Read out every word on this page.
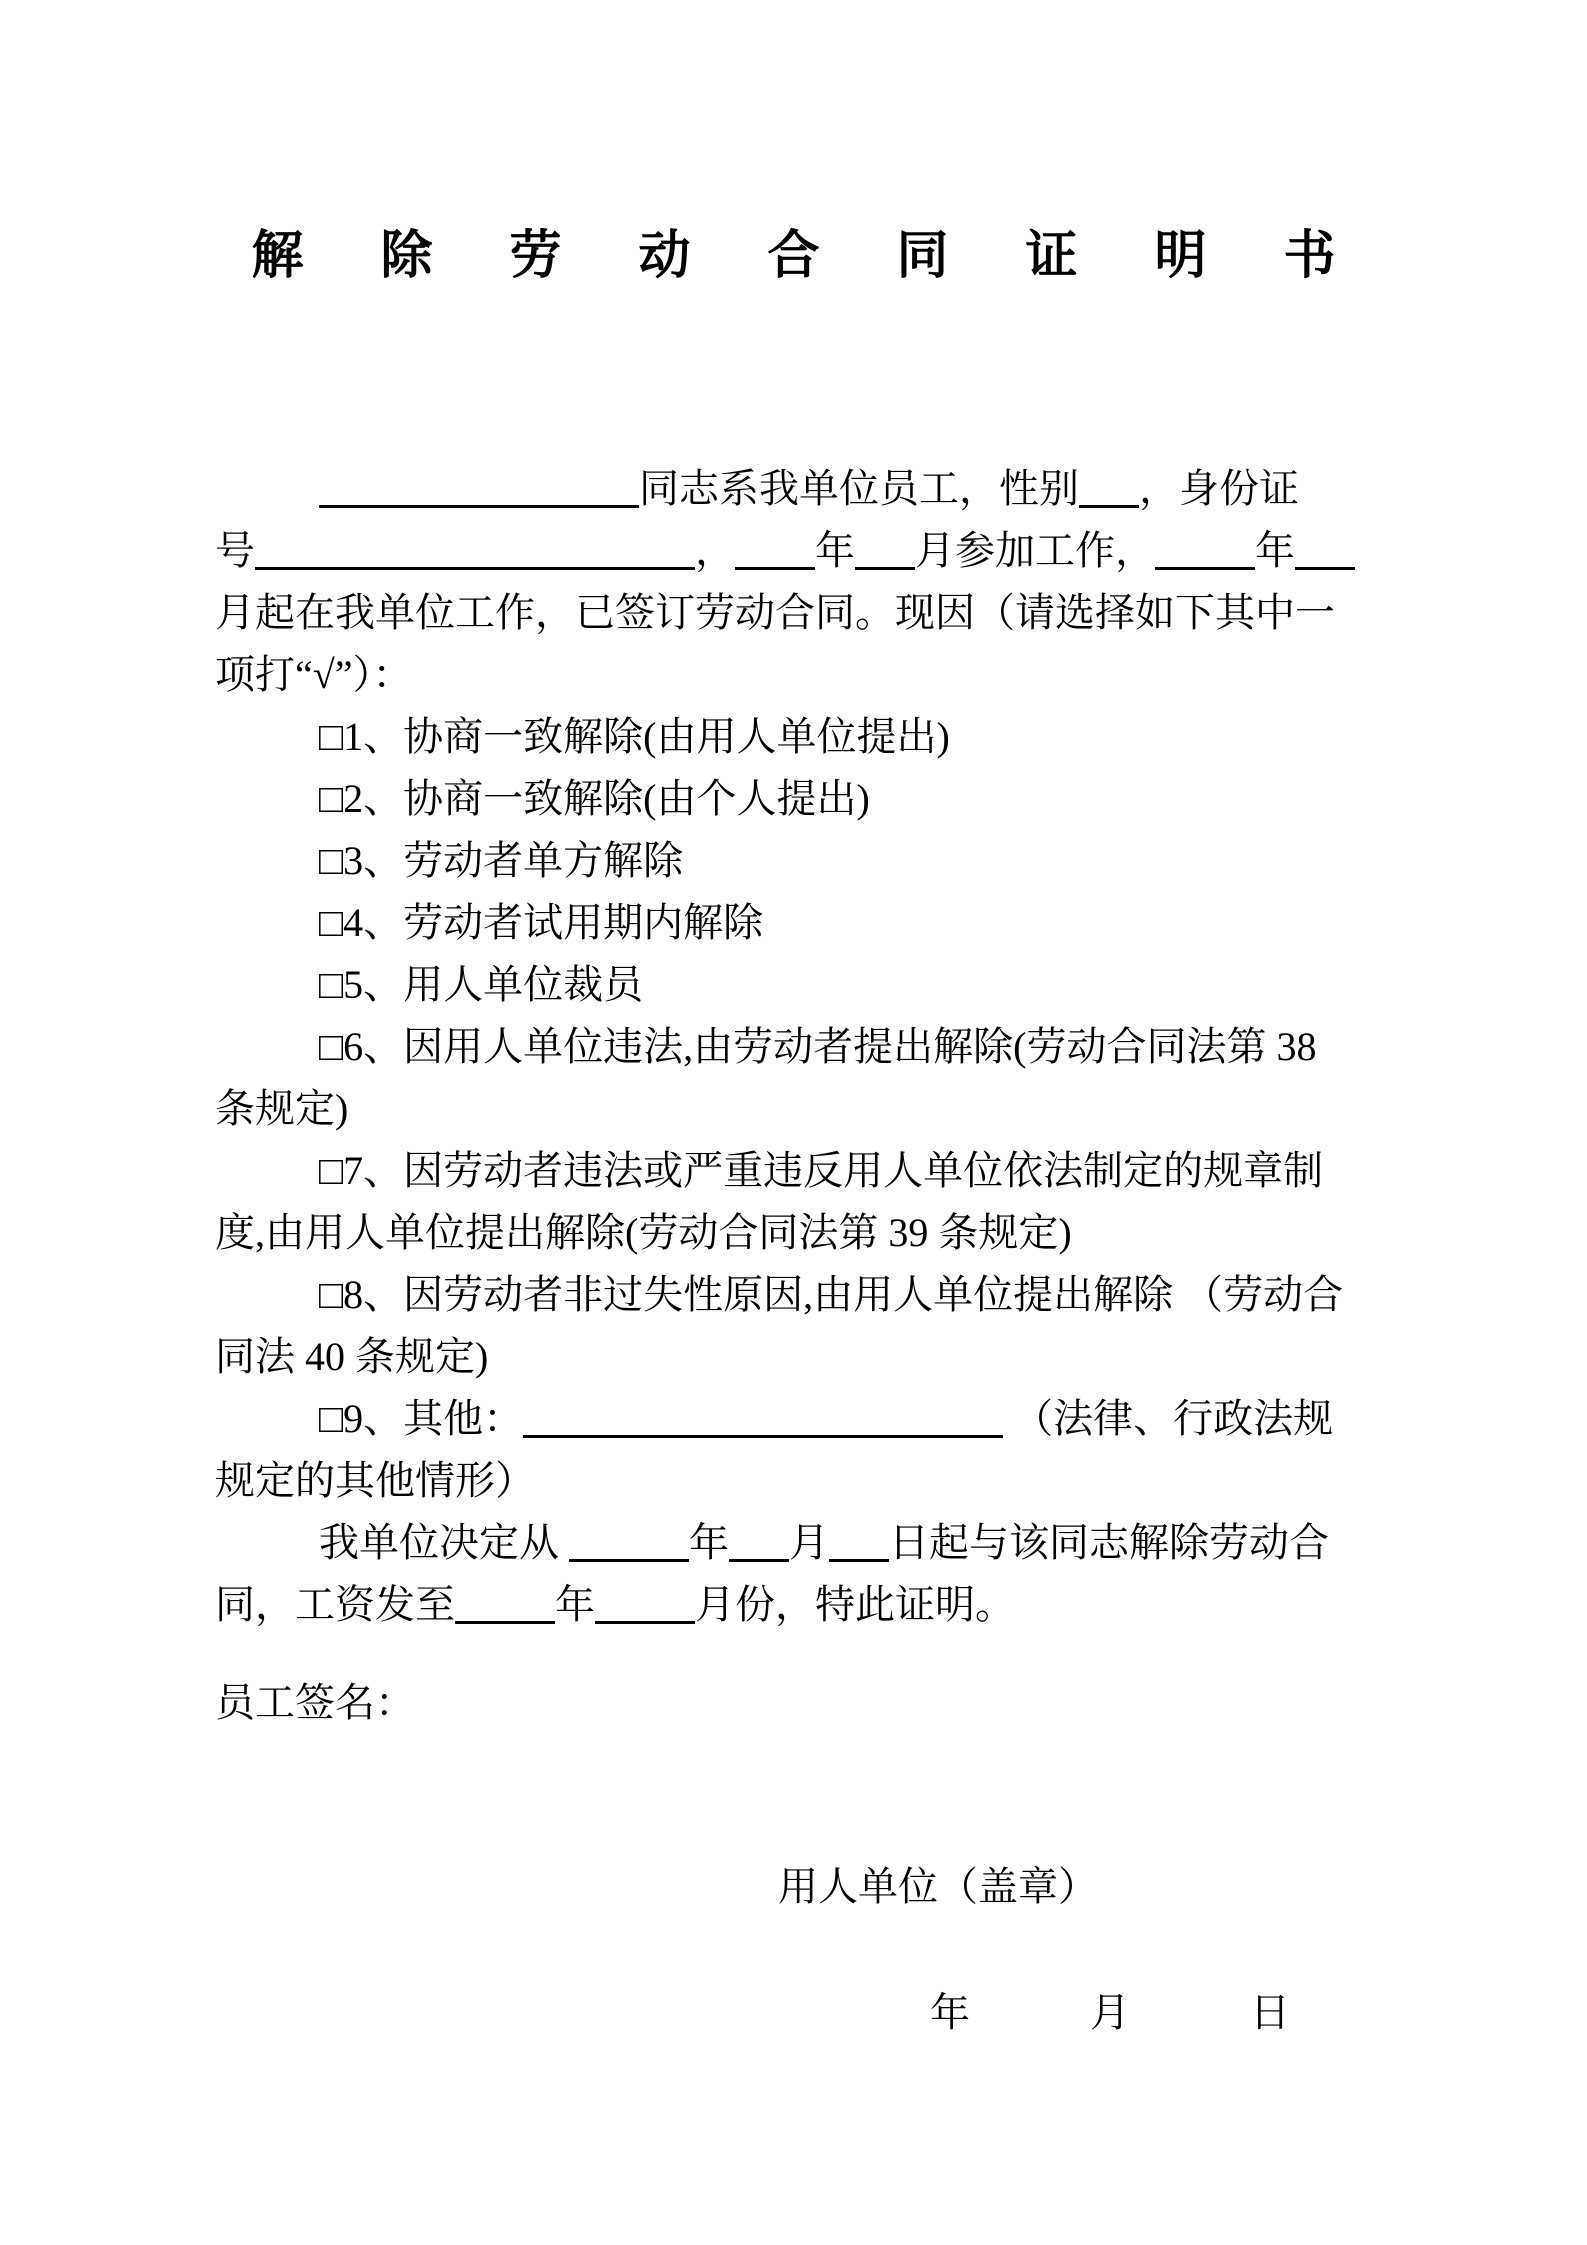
解 除 劳 动 合 同 证 明 书
同志系我单位员工，性别 ，身份证
号	， 年 月参加工作，	年
月起在我单位工作，已签订劳动合同。现因（请选择如下其中一
项打“√”）：
□1、协商一致解除(由用人单位提出)
□2、协商一致解除(由个人提出)
□3、劳动者单方解除
□4、劳动者试用期内解除
□5、用人单位裁员
□6、因用人单位违法,由劳动者提出解除(劳动合同法第 38
条规定)
□7、因劳动者违法或严重违反用人单位依法制定的规章制
度,由用人单位提出解除(劳动合同法第 39 条规定)
□8、因劳动者非过失性原因,由用人单位提出解除 （劳动合
同法 40 条规定)
□9、其他：	（法律、行政法规
规定的其他情形）
我单位决定从	年 月 日起与该同志解除劳动合
同，工资发至	年	月份，特此证明。
员工签名：
用人单位（盖章）
年　　　月　　　日
